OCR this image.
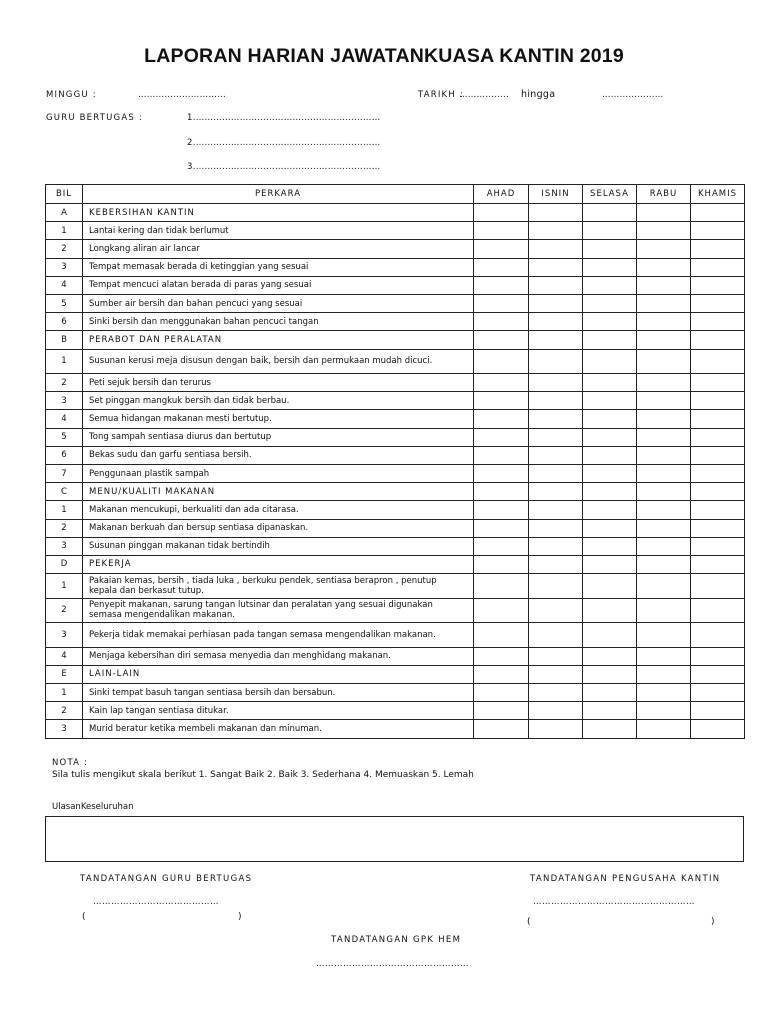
LAPORAN HARIAN JAWATANKUASA KANTIN 2019
MINGGU :	…………………………	TARIKH :
…………….. hingga	…………………
GURU BERTUGAS :	1.………………………………………………………
2.………………………………………………………
3.………………………………………………………
BIL	PERKARA	AHAD	ISNIN	SELASA	RABU	KHAMIS
A	KEBERSIHAN KANTIN					
1	Lantai kering dan tidak berlumut					
2	Longkang aliran air lancar					
3	Tempat memasak berada di ketinggian yang sesuai					
4	Tempat mencuci alatan berada di paras yang sesuai					
5	Sumber air bersih dan bahan pencuci yang sesuai					
6	Sinki bersih dan menggunakan bahan pencuci tangan					
B	PERABOT DAN PERALATAN					
1	Susunan kerusi meja disusun dengan baik, bersih dan permukaan mudah dicuci.					
2	Peti sejuk bersih dan terurus					
3	Set pinggan mangkuk bersih dan tidak berbau.					
4	Semua hidangan makanan mesti bertutup.					
5	Tong sampah sentiasa diurus dan bertutup					
6	Bekas sudu dan garfu sentiasa bersih.					
7	Penggunaan plastik sampah					
C	MENU/KUALITI MAKANAN					
1	Makanan mencukupi, berkualiti dan ada citarasa.					
2	Makanan berkuah dan bersup sentiasa dipanaskan.					
3	Susunan pinggan makanan tidak bertindih					
D	PEKERJA					
1	Pakaian kemas, bersih , tiada luka , berkuku pendek, sentiasa berapron , penutup kepala dan berkasut tutup.					
2	Penyepit makanan, sarung tangan lutsinar dan peralatan yang sesuai digunakan semasa mengendalikan makanan.					
3	Pekerja tidak memakai perhiasan pada tangan semasa mengendalikan makanan.					
4	Menjaga kebersihan diri semasa menyedia dan menghidang makanan.					
E	LAIN-LAIN					
1	Sinki tempat basuh tangan sentiasa bersih dan bersabun.					
2	Kain lap tangan sentiasa ditukar.					
3	Murid beratur ketika membeli makanan dan minuman.					
NOTA :
Sila tulis mengikut skala berikut 1. Sangat Baik 2. Baik 3. Sederhana 4. Memuaskan 5. Lemah
UlasanKeseluruhan
TANDATANGAN GURU BERTUGAS
……………………………………
(	)
TANDATANGAN PENGUSAHA KANTIN
………………………………………………
(	)
TANDATANGAN GPK HEM
……………………………………………
